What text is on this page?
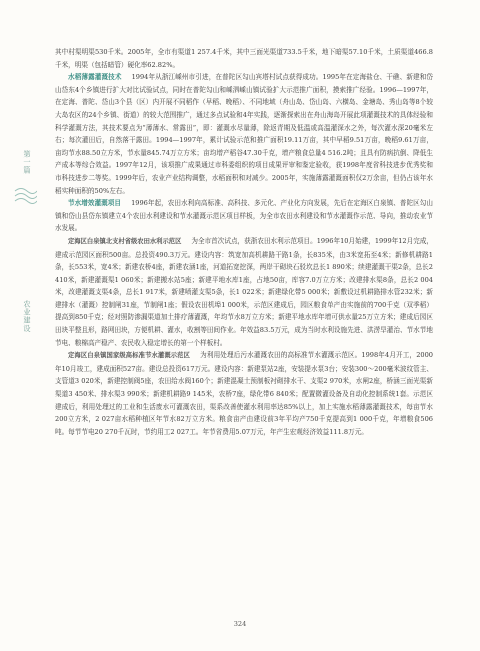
第一篇
农业建设

其中村渠明渠530千米。2005年，全市有渠道1 257.4千米，其中三面光渠道733.5千米，地下暗渠57.10千米，土质渠道466.8千米，明渠（包括暗管）硬化率62.82%。

水稻薄露灌溉技术 1994年从浙江嵊州市引进，在普陀区勾山宾塔村试点获得成功。1995年在定海盐仓、干礁、新建和岱山岱东4个乡镇进行扩大对比试验试点，同时在普陀勾山和嵊泗嵊山镇试验扩大示范推广面积，摸索推广经验。1996—1997年，在定海、普陀、岱山3个县（区）内开展不同稻作（早稻、晚稻）、不同地域（舟山岛、岱山岛、六横岛、金塘岛、秀山岛等8个较大岛农区的24个乡镇、街道）的较大范围推广，通过多点试验和4年实践，逐渐探索出在舟山海岛开展此项灌溉技术的具体经验和科学灌溉方法，其技术要点为“薄薄水、常露田”，即：灌溉水尽量薄，除返青期及低温或高温灌深水之外，每次灌水深20毫米左右；每次灌田后，自然落干露田。1994—1997年，累计试验示范和推广面积19.11万亩，其中早稻9.51万亩，晚稻9.61万亩，亩均节水88.50立方米，节水量845.74万立方米；亩均增产稻谷47.30千克，增产粮食总量4 516.2吨；且具有防病抗倒、降低生产成本等综合效益。1997年12月，该项推广成果通过市科委组织的项目成果评审和鉴定验收，获1998年度省科技进步优秀奖和市科技进步二等奖。1999年后，农业产业结构调整，水稻面积和对减少。2005年，实施薄露灌溉面积仅2万余亩，但仍占该年水稻实种面积的50%左右。

节水增效灌溉项目 1996年起，农田水利向高标准、高科技、多元化、产业化方向发展，先后在定海区白泉镇、普陀区勾山镇和岱山县岱东镇建立4个农田水利建设和节水灌溉示范区项目样板，为全市农田水利建设和节水灌溉作示范、导向，推动农业节水发展。

定海区白泉镇北支村省级农田水利示范区 为全市首次试点，获浙农田水利示范项目。1996年10月始建，1999年12月完成，建成示范园区面积500亩。总投资490.3万元。建设内容：筑宽加高机耕路干路1条，长835米，由3米宽拓至4米；新修机耕路1条，长553米，宽4米；新建农桥4座，新建农涵1座，河道拓宽挖深，两岸干砌块石驳坎总长1 890米；续建灌溉干渠2条，总长2 410米，新建灌溉渠1 060米；新建搬水站5座；新建平地水库1座，占地50亩，库容7.0万立方米；改建排水渠8条，总长2 004米，改建灌溉支渠4条，总长1 917米，新建喷灌支渠5条，长1 022米；新建绿化带5 000米；新敷设过机耕路排水管232米；新建排水（灌溉）控制闸31座，节制闸1座；假设农田机埠1 000米，示范区建成后，园区粮食单产由实施前的700千克（双季稻）提高到850千克；经对照防渗漏渠道加土排疗薄灌溉，年均节水8万立方米；新建平地水库年增可供水量25万立方米；建成后园区田块平整且形，路网田块，方便机耕、灌水，收割等田间作业。年效益83.5万元，成为当时水利设施先进、洪涝旱灌治、节水节地节电、粮棉高产稳产、农民收入稳定增长的第一个样板村。

定海区白泉镇国家级高标准节水灌溉示范区 为利用处理后污水灌溉农田的高标准节水灌溉示范区。1998年4月开工，2000年10月竣工，建成面积527亩。建设总投资617万元。建设内容：新建泵站2座，安装提水泵3台；安装300～200毫米波纹管主、支管道3 020米，新建控制阀5座，农田给水阀160个；新建混凝土预制板衬砌排水干、支渠2 970米，水闸2座，桥涵三面光渠新渠道3 450米、排水渠3 990米；新建机耕路9 145米，农桥7座，绿化带6 840米；配置微灌设备及自动化控制系统1套。示范区建成后，利用处理过的工业和生活废水可灌溉农田，渠系改善使灌水利用率达85%以上，加上实施水稻薄露灌溉技术，每亩节水200立方米，2 027亩水稻种植区年节水82万立方米。粮食亩产由建设前3年平均产750千克提高到1 000千克，年增粮食506吨。每节节电20 270千瓦时，节约用工2 027工。年节省费用5.07万元，年产生宏观经济效益111.8万元。

324
